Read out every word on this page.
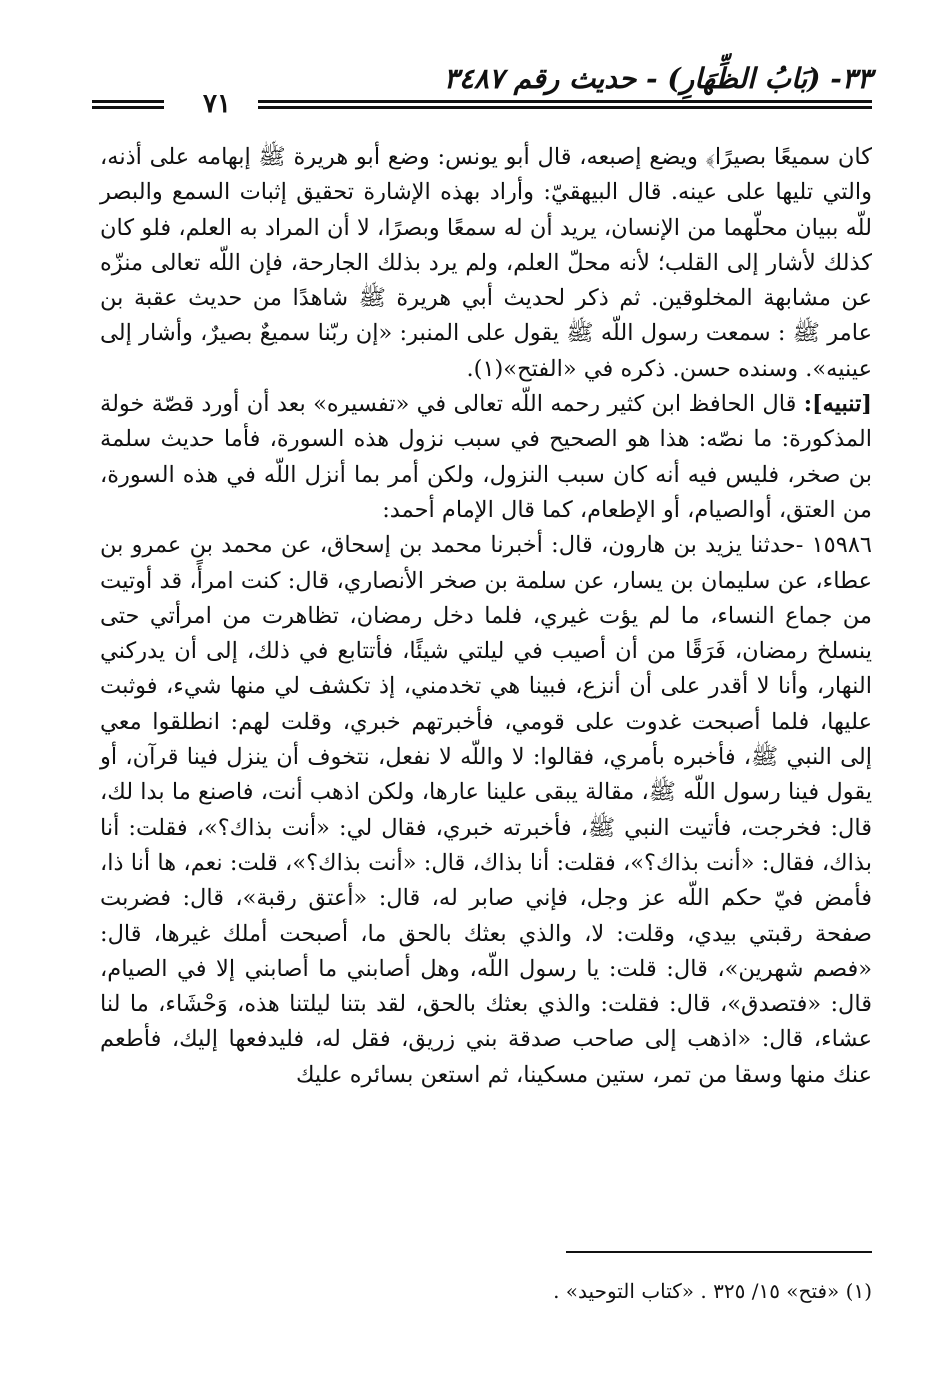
٣٣- (بَابُ الظِّهَارِ) - حديث رقم ٣٤٨٧
٧١

كان سميعًا بصيرًا﴾ ويضع إصبعه، قال أبو يونس: وضع أبو هريرة ﷺ إبهامه على أذنه، والتي تليها على عينه. قال البيهقيّ: وأراد بهذه الإشارة تحقيق إثبات السمع والبصر للّه ببيان محلّهما من الإنسان، يريد أن له سمعًا وبصرًا، لا أن المراد به العلم، فلو كان كذلك لأشار إلى القلب؛ لأنه محلّ العلم، ولم يرد بذلك الجارحة، فإن اللّه تعالى منزّه عن مشابهة المخلوقين. ثم ذكر لحديث أبي هريرة ﷺ شاهدًا من حديث عقبة بن عامر ﷺ : سمعت رسول اللّه ﷺ يقول على المنبر: «إن ربّنا سميعٌ بصيرٌ، وأشار إلى عينيه». وسنده حسن. ذكره في «الفتح»(١).

[تنبيه]: قال الحافظ ابن كثير رحمه اللّه تعالى في «تفسيره» بعد أن أورد قصّة خولة المذكورة: ما نصّه: هذا هو الصحيح في سبب نزول هذه السورة، فأما حديث سلمة بن صخر، فليس فيه أنه كان سبب النزول، ولكن أمر بما أنزل اللّه في هذه السورة، من العتق، أوالصيام، أو الإطعام، كما قال الإمام أحمد:

١٥٩٨٦ -حدثنا يزيد بن هارون، قال: أخبرنا محمد بن إسحاق، عن محمد بن عمرو بن عطاء، عن سليمان بن يسار، عن سلمة بن صخر الأنصاري، قال: كنت امرأً، قد أوتيت من جماع النساء، ما لم يؤت غيري، فلما دخل رمضان، تظاهرت من امرأتي حتى ينسلخ رمضان، فَرَقًا من أن أصيب في ليلتي شيئًا، فأتتابع في ذلك، إلى أن يدركني النهار، وأنا لا أقدر على أن أنزع، فبينا هي تخدمني، إذ تكشف لي منها شيء، فوثبت عليها، فلما أصبحت غدوت على قومي، فأخبرتهم خبري، وقلت لهم: انطلقوا معي إلى النبي ﷺ، فأخبره بأمري، فقالوا: لا واللّه لا نفعل، نتخوف أن ينزل فينا قرآن، أو يقول فينا رسول اللّه ﷺ، مقالة يبقى علينا عارها، ولكن اذهب أنت، فاصنع ما بدا لك، قال: فخرجت، فأتيت النبي ﷺ، فأخبرته خبري، فقال لي: «أنت بذاك؟»، فقلت: أنا بذاك، فقال: «أنت بذاك؟»، فقلت: أنا بذاك، قال: «أنت بذاك؟»، قلت: نعم، ها أنا ذا، فأمض فيّ حكم اللّه عز وجل، فإني صابر له، قال: «أعتق رقبة»، قال: فضربت صفحة رقبتي بيدي، وقلت: لا، والذي بعثك بالحق ما، أصبحت أملك غيرها، قال: «فصم شهرين»، قال: قلت: يا رسول اللّه، وهل أصابني ما أصابني إلا في الصيام، قال: «فتصدق»، قال: فقلت: والذي بعثك بالحق، لقد بتنا ليلتنا هذه، وَحْشَاء، ما لنا عشاء، قال: «اذهب إلى صاحب صدقة بني زريق، فقل له، فليدفعها إليك، فأطعم عنك منها وسقا من تمر، ستين مسكينا، ثم استعن بسائره عليك

(١) «فتح» ١٥/ ٣٢٥ . «كتاب التوحيد» .
